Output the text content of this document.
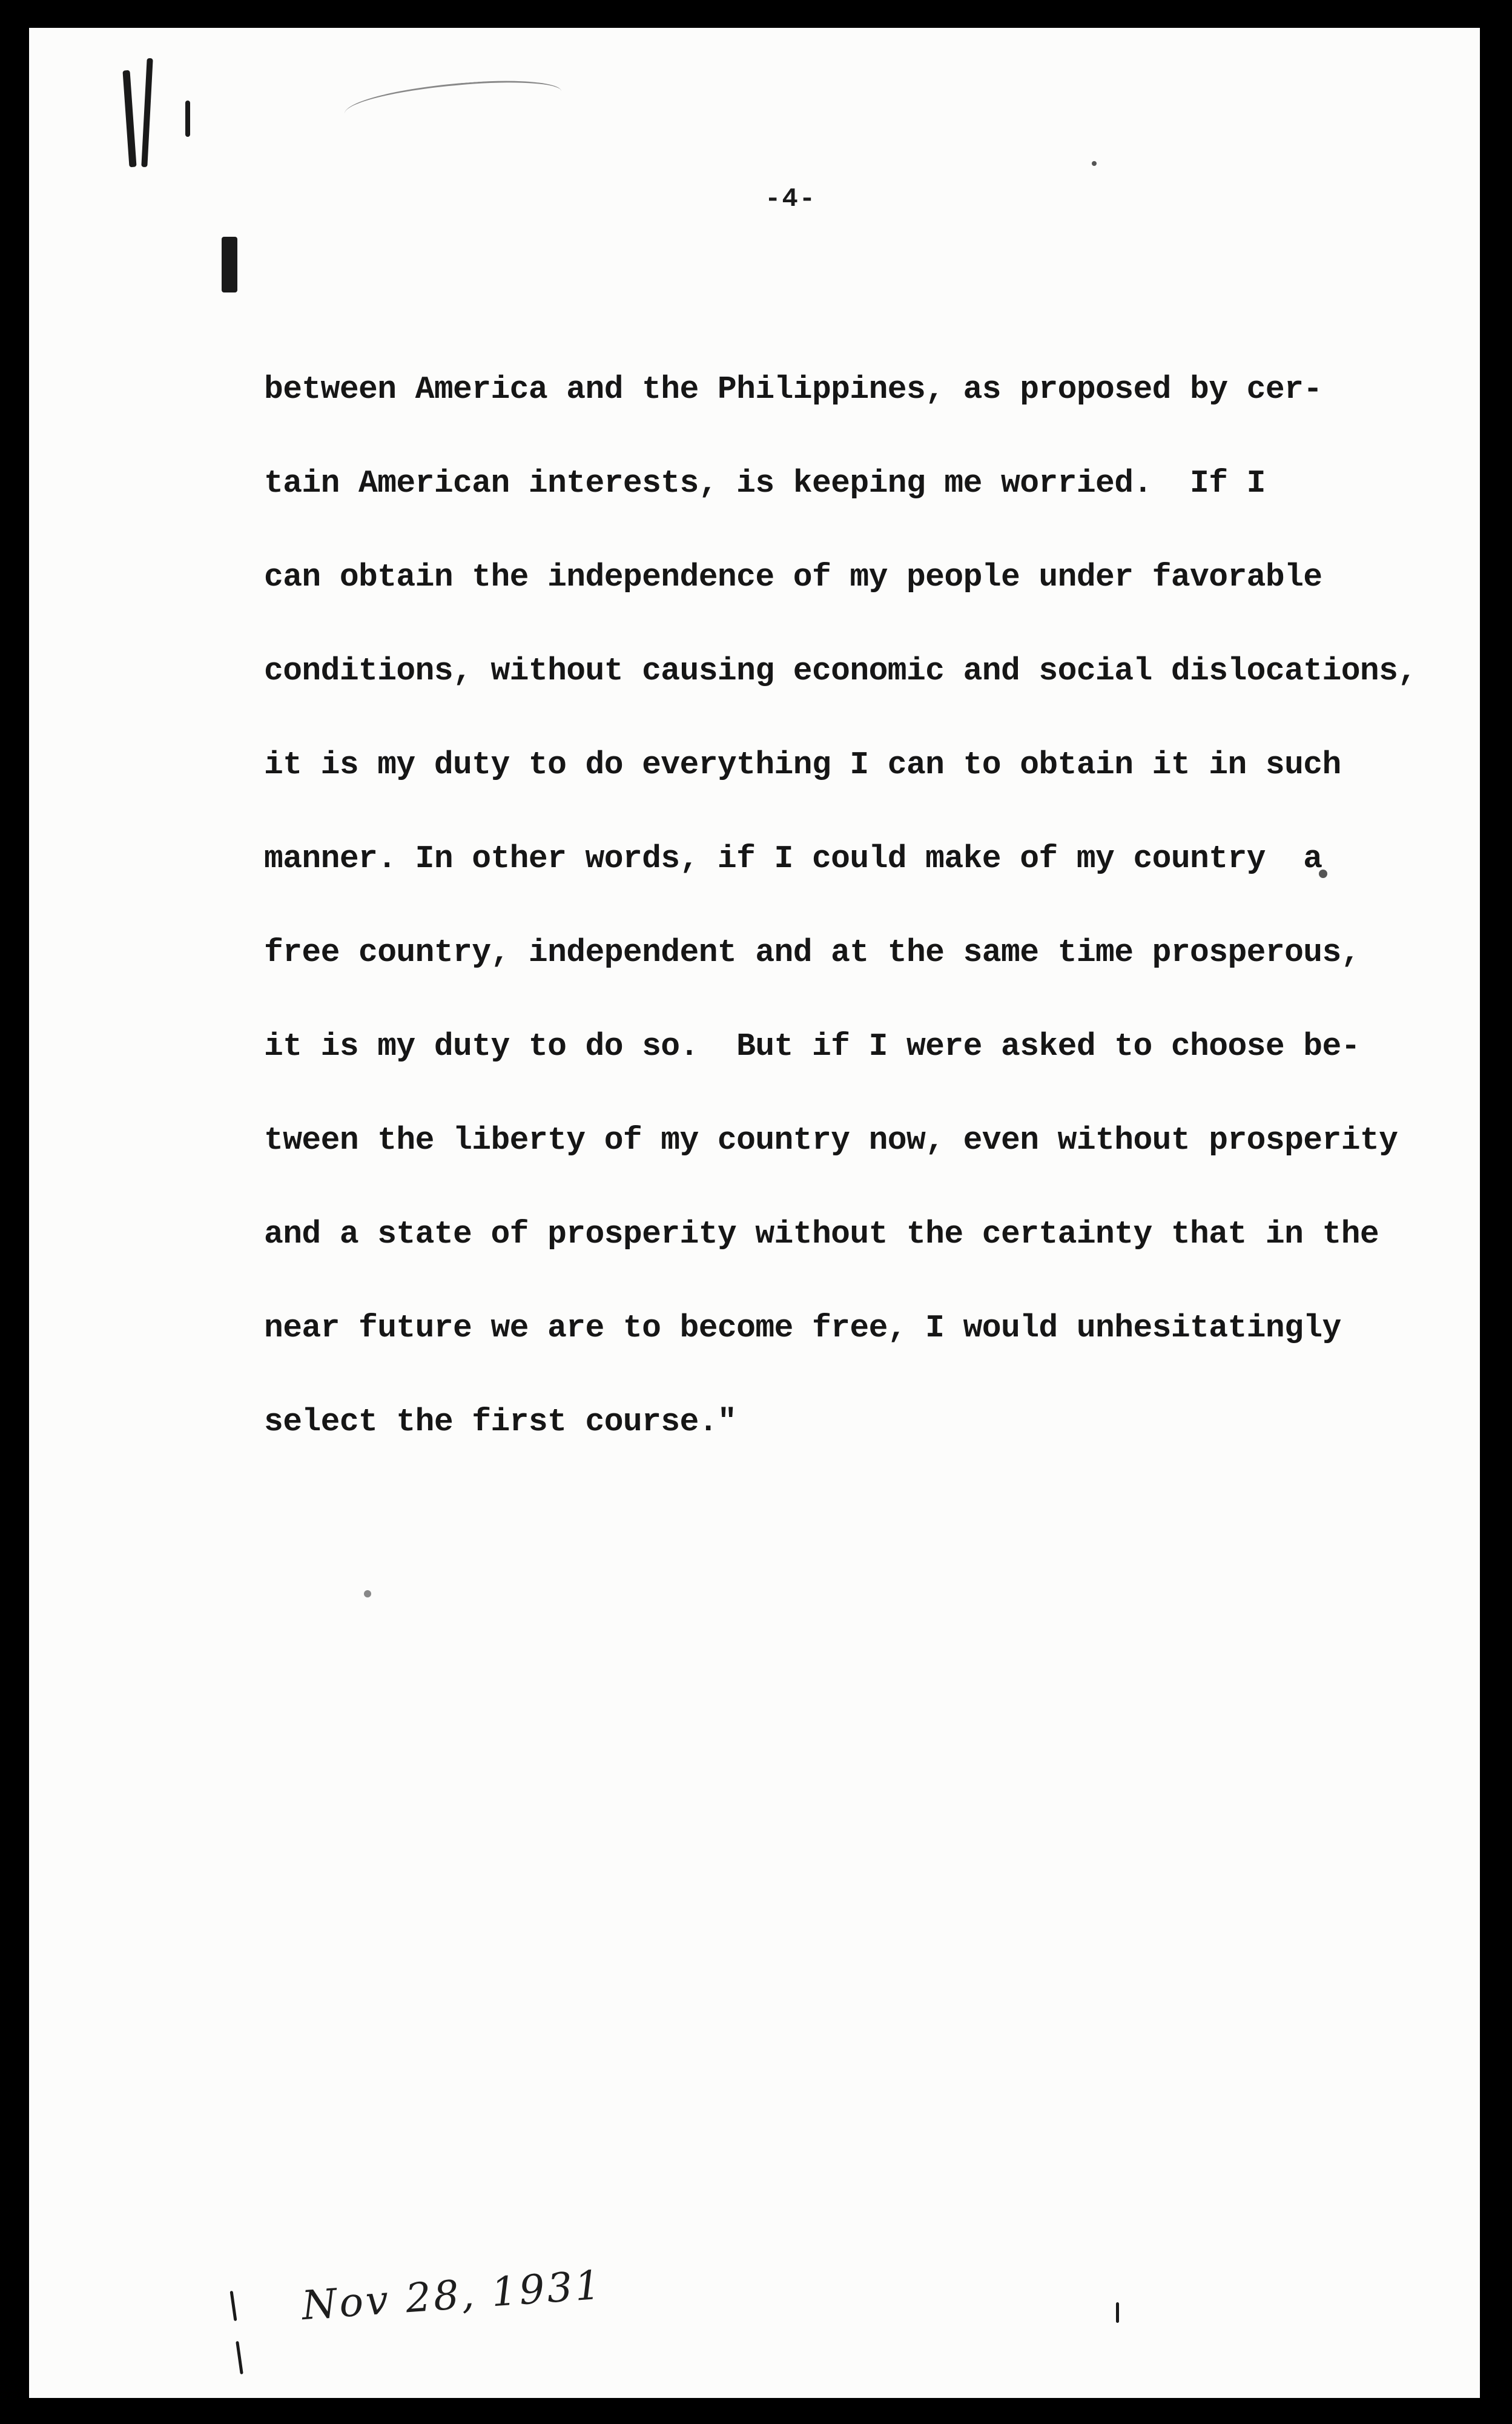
-4-
between America and the Philippines, as proposed by cer-
tain American interests, is keeping me worried.  If I
can obtain the independence of my people under favorable
conditions, without causing economic and social dislocations,
it is my duty to do everything I can to obtain it in such
manner. In other words, if I could make of my country  a
free country, independent and at the same time prosperous,
it is my duty to do so.  But if I were asked to choose be-
tween the liberty of my country now, even without prosperity
and a state of prosperity without the certainty that in the
near future we are to become free, I would unhesitatingly
select the first course."
Nov 28, 1931
